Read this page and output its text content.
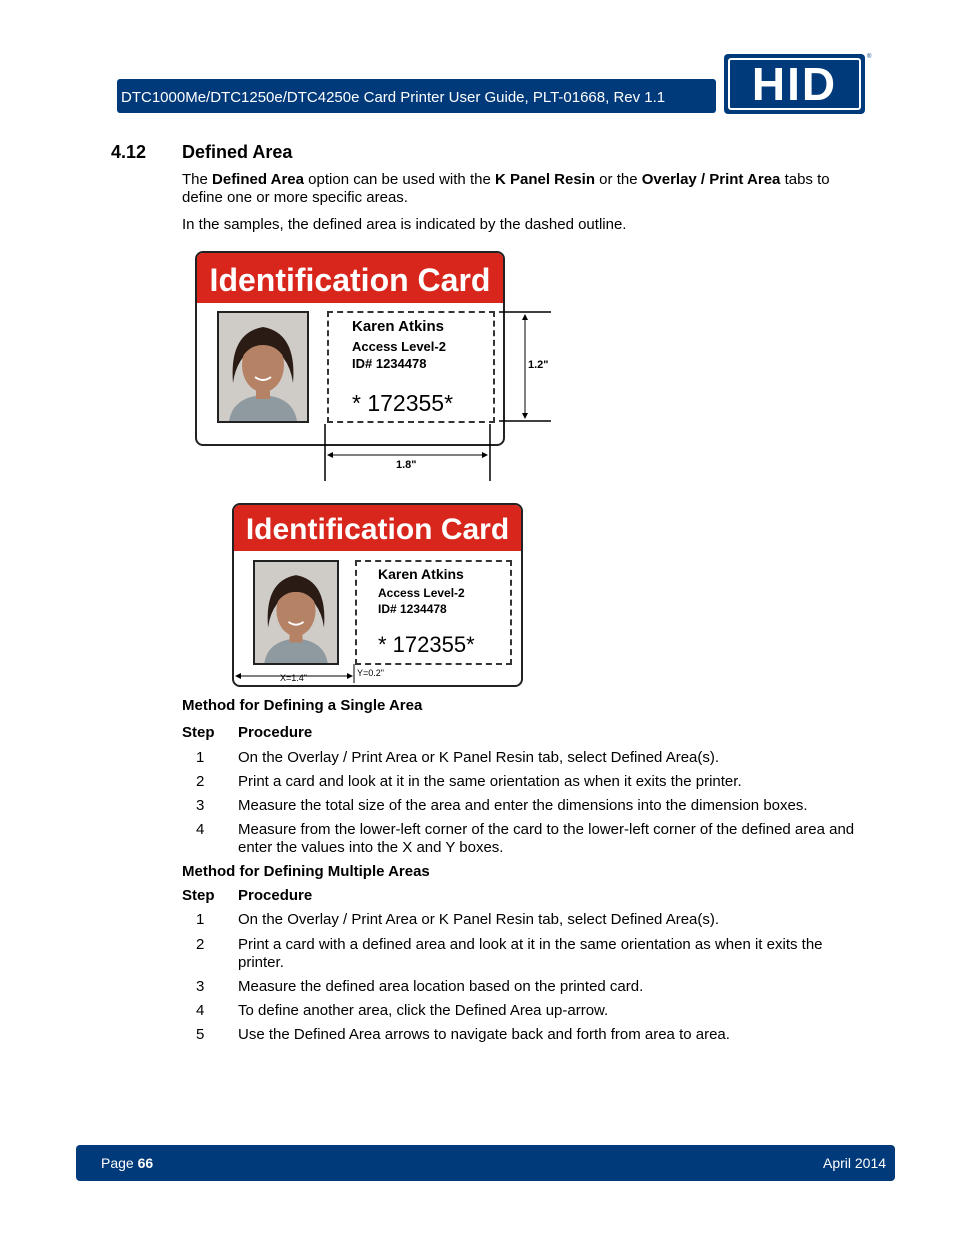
DTC1000Me/DTC1250e/DTC4250e Card Printer User Guide, PLT-01668, Rev 1.1 HID
®
4.12 Defined Area
The Defined Area option can be used with the K Panel Resin or the Overlay / Print Area tabs to define one or more specific areas.
In the samples, the defined area is indicated by the dashed outline.
Identification Card
Karen Atkins
Access Level-2
ID# 1234478
* 172355*
1.2"
1.8"
Identification Card
Karen Atkins
Access Level-2
ID# 1234478
* 172355*
X=1.4"	Y=0.2"
Method for Defining a Single Area
Step Procedure
1	On the Overlay / Print Area or K Panel Resin tab, select Defined Area(s).
2	Print a card and look at it in the same orientation as when it exits the printer.
3	Measure the total size of the area and enter the dimensions into the dimension boxes.
4	Measure from the lower-left corner of the card to the lower-left corner of the defined area and enter the values into the X and Y boxes.
Method for Defining Multiple Areas
Step Procedure
1	On the Overlay / Print Area or K Panel Resin tab, select Defined Area(s).
2	Print a card with a defined area and look at it in the same orientation as when it exits the printer.
3	Measure the defined area location based on the printed card.
4	To define another area, click the Defined Area up-arrow.
5	Use the Defined Area arrows to navigate back and forth from area to area.
Page 66	April 2014
